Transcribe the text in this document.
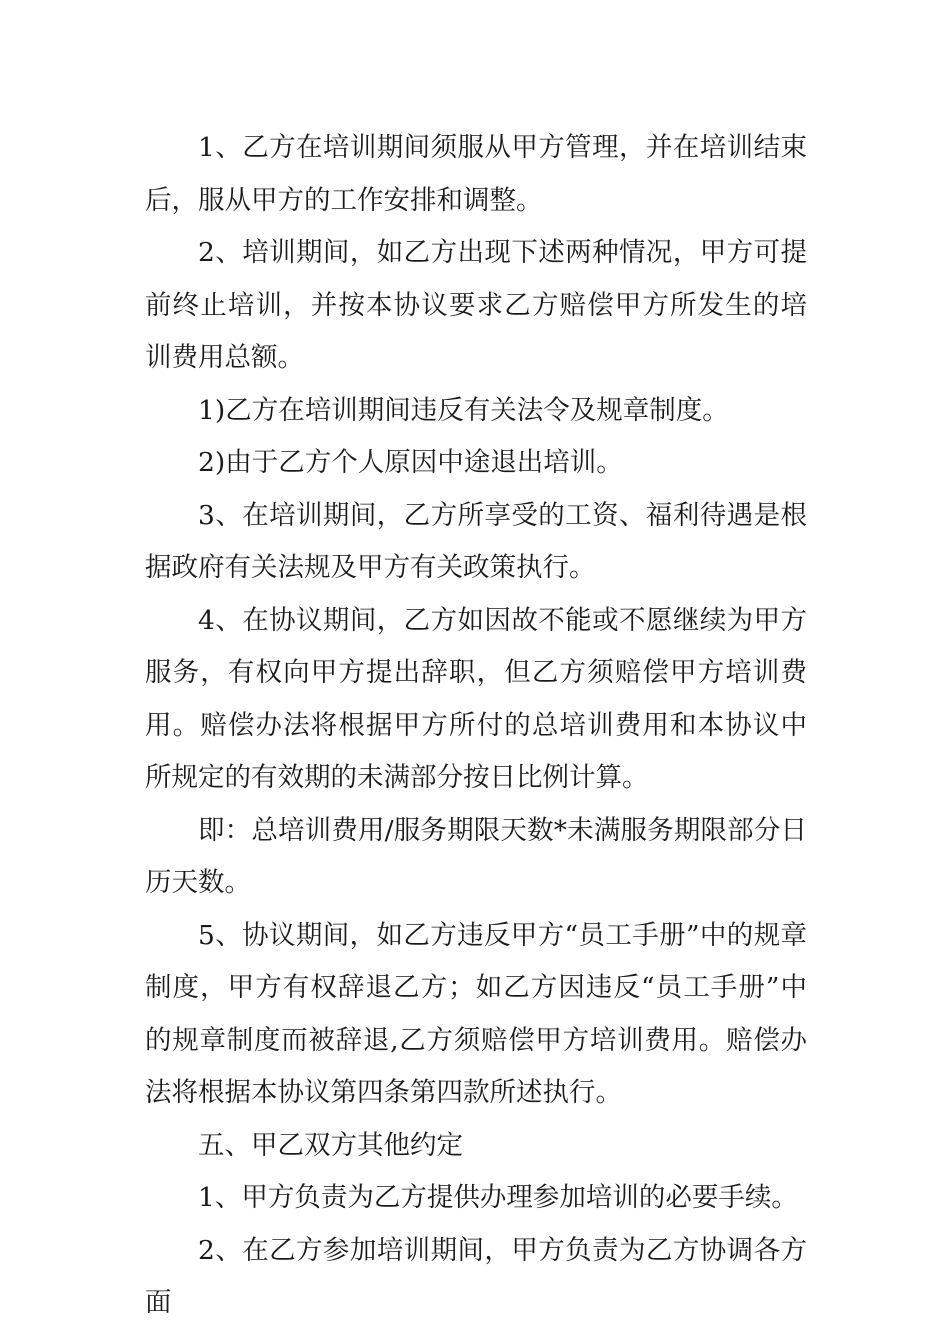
1、乙方在培训期间须服从甲方管理，并在培训结束后，服从甲方的工作安排和调整。

2、培训期间，如乙方出现下述两种情况，甲方可提前终止培训，并按本协议要求乙方赔偿甲方所发生的培训费用总额。

1)乙方在培训期间违反有关法令及规章制度。

2)由于乙方个人原因中途退出培训。

3、在培训期间，乙方所享受的工资、福利待遇是根据政府有关法规及甲方有关政策执行。

4、在协议期间，乙方如因故不能或不愿继续为甲方服务，有权向甲方提出辞职，但乙方须赔偿甲方培训费用。赔偿办法将根据甲方所付的总培训费用和本协议中所规定的有效期的未满部分按日比例计算。

即：总培训费用/服务期限天数*未满服务期限部分日历天数。

5、协议期间，如乙方违反甲方“员工手册”中的规章制度，甲方有权辞退乙方；如乙方因违反“员工手册”中的规章制度而被辞退,乙方须赔偿甲方培训费用。赔偿办法将根据本协议第四条第四款所述执行。

五、甲乙双方其他约定

1、甲方负责为乙方提供办理参加培训的必要手续。

2、在乙方参加培训期间，甲方负责为乙方协调各方面
